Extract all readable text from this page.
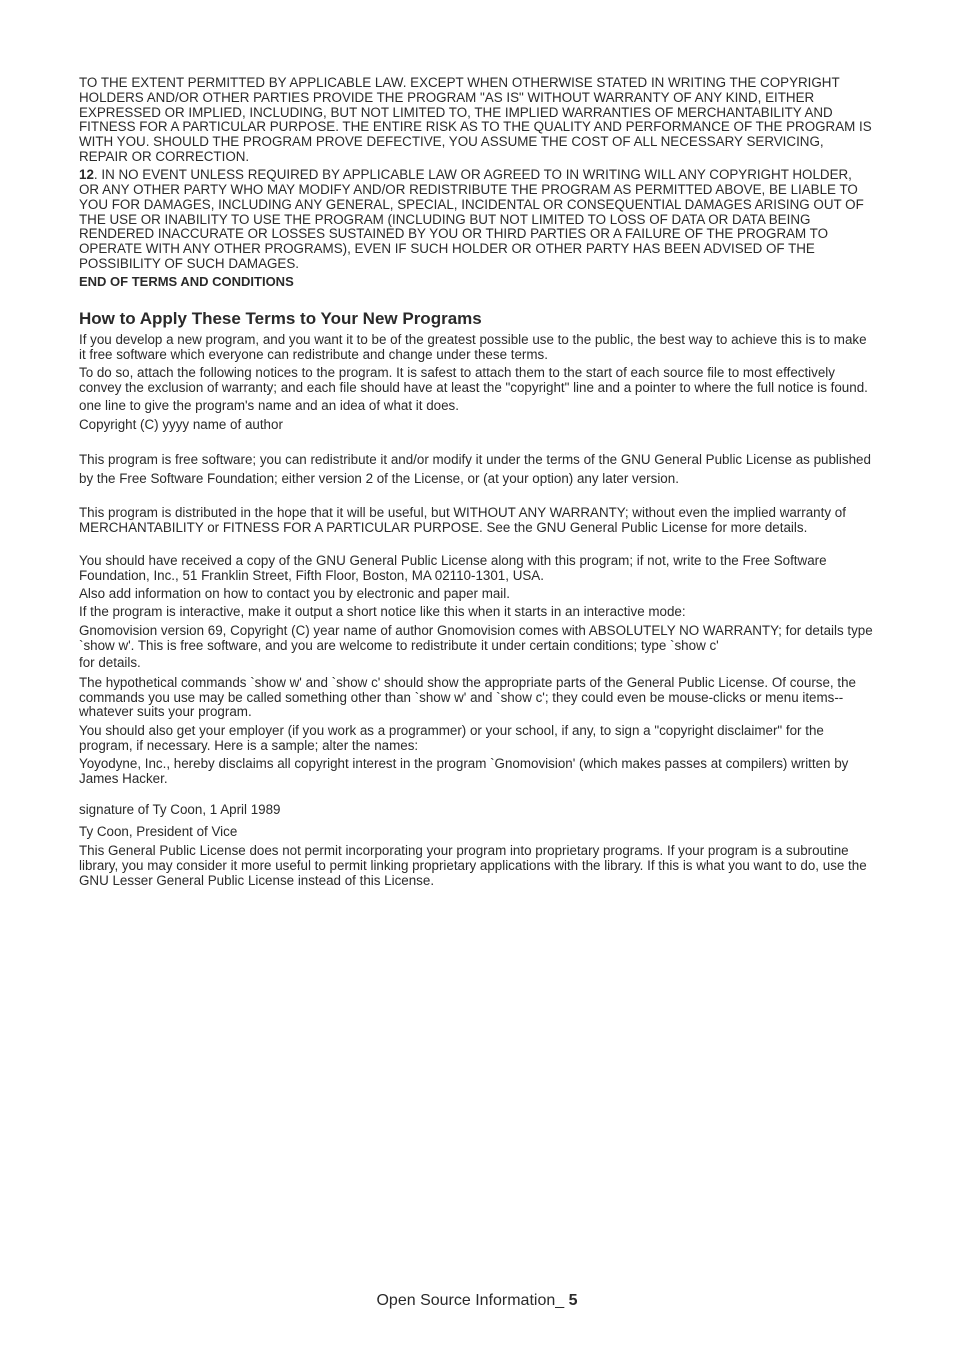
TO THE EXTENT PERMITTED BY APPLICABLE LAW. EXCEPT WHEN OTHERWISE STATED IN WRITING THE COPYRIGHT HOLDERS AND/OR OTHER PARTIES PROVIDE THE PROGRAM "AS IS" WITHOUT WARRANTY OF ANY KIND, EITHER EXPRESSED OR IMPLIED, INCLUDING, BUT NOT LIMITED TO, THE IMPLIED WARRANTIES OF MERCHANTABILITY AND FITNESS FOR A PARTICULAR PURPOSE. THE ENTIRE RISK AS TO THE QUALITY AND PERFORMANCE OF THE PROGRAM IS WITH YOU. SHOULD THE PROGRAM PROVE DEFECTIVE, YOU ASSUME THE COST OF ALL NECESSARY SERVICING, REPAIR OR CORRECTION.

12. IN NO EVENT UNLESS REQUIRED BY APPLICABLE LAW OR AGREED TO IN WRITING WILL ANY COPYRIGHT HOLDER, OR ANY OTHER PARTY WHO MAY MODIFY AND/OR REDISTRIBUTE THE PROGRAM AS PERMITTED ABOVE, BE LIABLE TO YOU FOR DAMAGES, INCLUDING ANY GENERAL, SPECIAL, INCIDENTAL OR CONSEQUENTIAL DAMAGES ARISING OUT OF THE USE OR INABILITY TO USE THE PROGRAM (INCLUDING BUT NOT LIMITED TO LOSS OF DATA OR DATA BEING RENDERED INACCURATE OR LOSSES SUSTAINED BY YOU OR THIRD PARTIES OR A FAILURE OF THE PROGRAM TO OPERATE WITH ANY OTHER PROGRAMS), EVEN IF SUCH HOLDER OR OTHER PARTY HAS BEEN ADVISED OF THE POSSIBILITY OF SUCH DAMAGES.

END OF TERMS AND CONDITIONS

How to Apply These Terms to Your New Programs

If you develop a new program, and you want it to be of the greatest possible use to the public, the best way to achieve this is to make it free software which everyone can redistribute and change under these terms.

To do so, attach the following notices to the program. It is safest to attach them to the start of each source file to most effectively convey the exclusion of warranty; and each file should have at least the "copyright" line and a pointer to where the full notice is found.

one line to give the program's name and an idea of what it does.

Copyright (C) yyyy name of author

This program is free software; you can redistribute it and/or modify it under the terms of the GNU General Public License as published by the Free Software Foundation; either version 2 of the License, or (at your option) any later version.

This program is distributed in the hope that it will be useful, but WITHOUT ANY WARRANTY; without even the implied warranty of MERCHANTABILITY or FITNESS FOR A PARTICULAR PURPOSE. See the GNU General Public License for more details.

You should have received a copy of the GNU General Public License along with this program; if not, write to the Free Software Foundation, Inc., 51 Franklin Street, Fifth Floor, Boston, MA 02110-1301, USA.

Also add information on how to contact you by electronic and paper mail.

If the program is interactive, make it output a short notice like this when it starts in an interactive mode:

Gnomovision version 69, Copyright (C) year name of author Gnomovision comes with ABSOLUTELY NO WARRANTY; for details type `show w'. This is free software, and you are welcome to redistribute it under certain conditions; type `show c'

for details.

The hypothetical commands `show w' and `show c' should show the appropriate parts of the General Public License. Of course, the commands you use may be called something other than `show w' and `show c'; they could even be mouse-clicks or menu items--whatever suits your program.

You should also get your employer (if you work as a programmer) or your school, if any, to sign a "copyright disclaimer" for the program, if necessary. Here is a sample; alter the names:

Yoyodyne, Inc., hereby disclaims all copyright interest in the program `Gnomovision' (which makes passes at compilers) written by James Hacker.

signature of Ty Coon, 1 April 1989

Ty Coon, President of Vice

This General Public License does not permit incorporating your program into proprietary programs. If your program is a subroutine library, you may consider it more useful to permit linking proprietary applications with the library. If this is what you want to do, use the GNU Lesser General Public License instead of this License.

Open Source Information_ 5
